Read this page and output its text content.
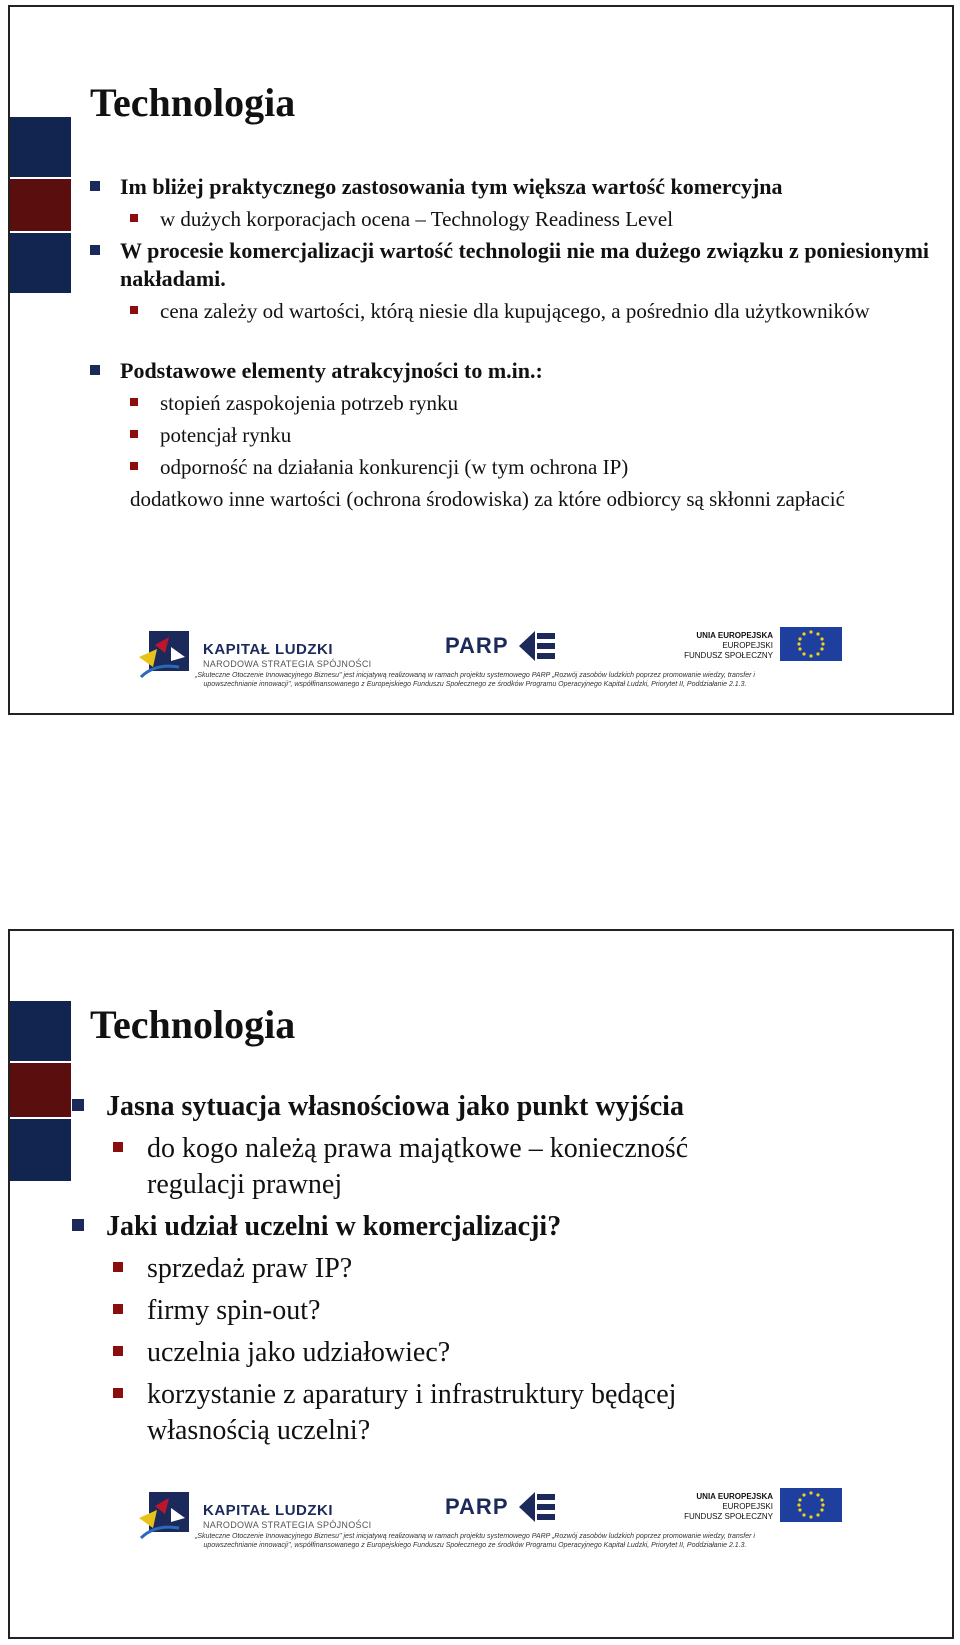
Technologia
Im bliżej praktycznego zastosowania tym większa wartość komercyjna
w dużych korporacjach ocena – Technology Readiness Level
W procesie komercjalizacji wartość technologii nie ma dużego związku z poniesionymi nakładami.
cena zależy od wartości, którą niesie dla kupującego, a pośrednio dla użytkowników
Podstawowe elementy atrakcyjności to m.in.:
stopień zaspokojenia potrzeb rynku
potencjał rynku
odporność na działania konkurencji (w tym ochrona IP)
dodatkowo inne wartości (ochrona środowiska) za które odbiorcy są skłonni zapłacić
KAPITAŁ LUDZKI
NARODOWA STRATEGIA SPÓJNOŚCI
PARP	UNIA EUROPEJSKA
EUROPEJSKI
FUNDUSZ SPOŁECZNY
„Skuteczne Otoczenie Innowacyjnego Biznesu" jest inicjatywą realizowaną w ramach projektu systemowego PARP „Rozwój zasobów ludzkich poprzez promowanie wiedzy, transfer i upowszechnianie innowacji", współfinansowanego z Europejskiego Funduszu Społecznego ze środków Programu Operacyjnego Kapitał Ludzki, Priorytet II, Poddziałanie 2.1.3.
Technologia
Jasna sytuacja własnościowa jako punkt wyjścia
do kogo należą prawa majątkowe – konieczność regulacji prawnej
Jaki udział uczelni w komercjalizacji?
sprzedaż praw IP?
firmy spin-out?
uczelnia jako udziałowiec?
korzystanie z aparatury i infrastruktury będącej własnością uczelni?
KAPITAŁ LUDZKI
NARODOWA STRATEGIA SPÓJNOŚCI
PARP	UNIA EUROPEJSKA
EUROPEJSKI
FUNDUSZ SPOŁECZNY
„Skuteczne Otoczenie Innowacyjnego Biznesu" jest inicjatywą realizowaną w ramach projektu systemowego PARP „Rozwój zasobów ludzkich poprzez promowanie wiedzy, transfer i upowszechnianie innowacji", współfinansowanego z Europejskiego Funduszu Społecznego ze środków Programu Operacyjnego Kapitał Ludzki, Priorytet II, Poddziałanie 2.1.3.
